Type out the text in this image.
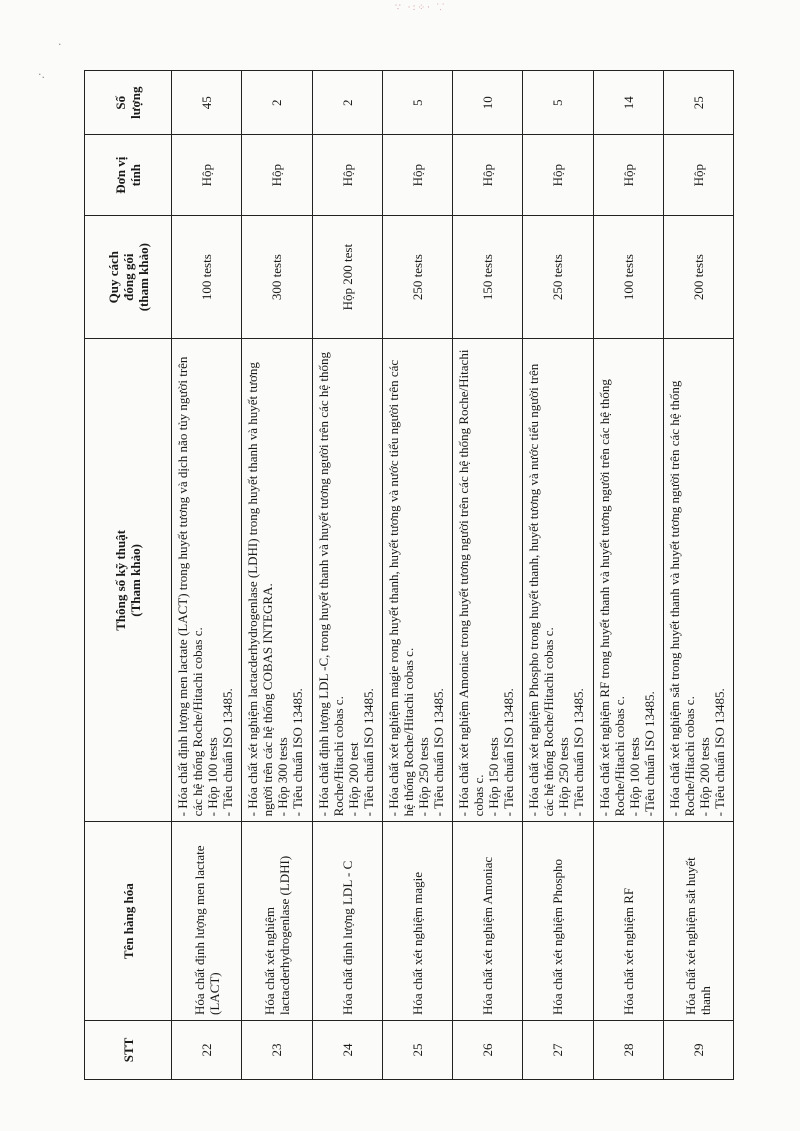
∵ ·:⁘· ⸪
·
·.
STT	Tên hàng hóa	Thông số kỹ thuật (Tham khảo)	Quy cách đóng gói (tham khảo)	Đơn vị tính	Số lượng

22	Hóa chất định lượng men lactate (LACT)	- Hóa chất định lượng men lactate (LACT) trong huyết tương và dịch não tủy người trên các hệ thống Roche/Hitachi cobas c. - Hộp 100 tests - Tiêu chuẩn ISO 13485.	100 tests	Hộp	45
23	Hóa chất xét nghiệm lactacderhydrogenlase (LDHI)	- Hóa chất xét nghiệm lactacderhydrogenlase (LDHI) trong huyết thanh và huyết tương người trên các hệ thống COBAS INTEGRA. - Hộp 300 tests - Tiêu chuẩn ISO 13485.	300 tests	Hộp	2
24	Hóa chất định lượng LDL - C	- Hóa chất định lượng LDL -C, trong huyết thanh và huyết tương người trên các hệ thống Roche/Hitachi cobas c. - Hộp 200 test - Tiêu chuẩn ISO 13485.	Hộp 200 test	Hộp	2
25	Hóa chất xét nghiệm magie	- Hóa chất xét nghiệm magie rong huyết thanh, huyết tương và nước tiểu người trên các hệ thống Roche/Hitachi cobas c. - Hộp 250 tests - Tiêu chuẩn ISO 13485.	250 tests	Hộp	5
26	Hóa chất xét nghiệm Amoniac	- Hóa chất xét nghiệm Amoniac trong huyết tương người trên các hệ thống Roche/Hitachi cobas c. - Hộp 150 tests - Tiêu chuẩn ISO 13485.	150 tests	Hộp	10
27	Hóa chất xét nghiệm Phospho	- Hóa chất xét nghiệm Phospho trong huyết thanh, huyết tương và nước tiểu người trên các hệ thống Roche/Hitachi cobas c. - Hộp 250 tests - Tiêu chuẩn ISO 13485.	250 tests	Hộp	5
28	Hóa chất xét nghiệm RF	- Hóa chất xét nghiệm RF trong huyết thanh và huyết tương người trên các hệ thống Roche/Hitachi cobas c. - Hộp 100 tests -Tiêu chuẩn ISO 13485.	100 tests	Hộp	14
29	Hóa chất xét nghiệm sắt huyết thanh	- Hóa chất xét nghiệm sắt trong huyết thanh và huyết tương người trên các hệ thống Roche/Hitachi cobas c. - Hộp 200 tests - Tiêu chuẩn ISO 13485.	200 tests	Hộp	25
